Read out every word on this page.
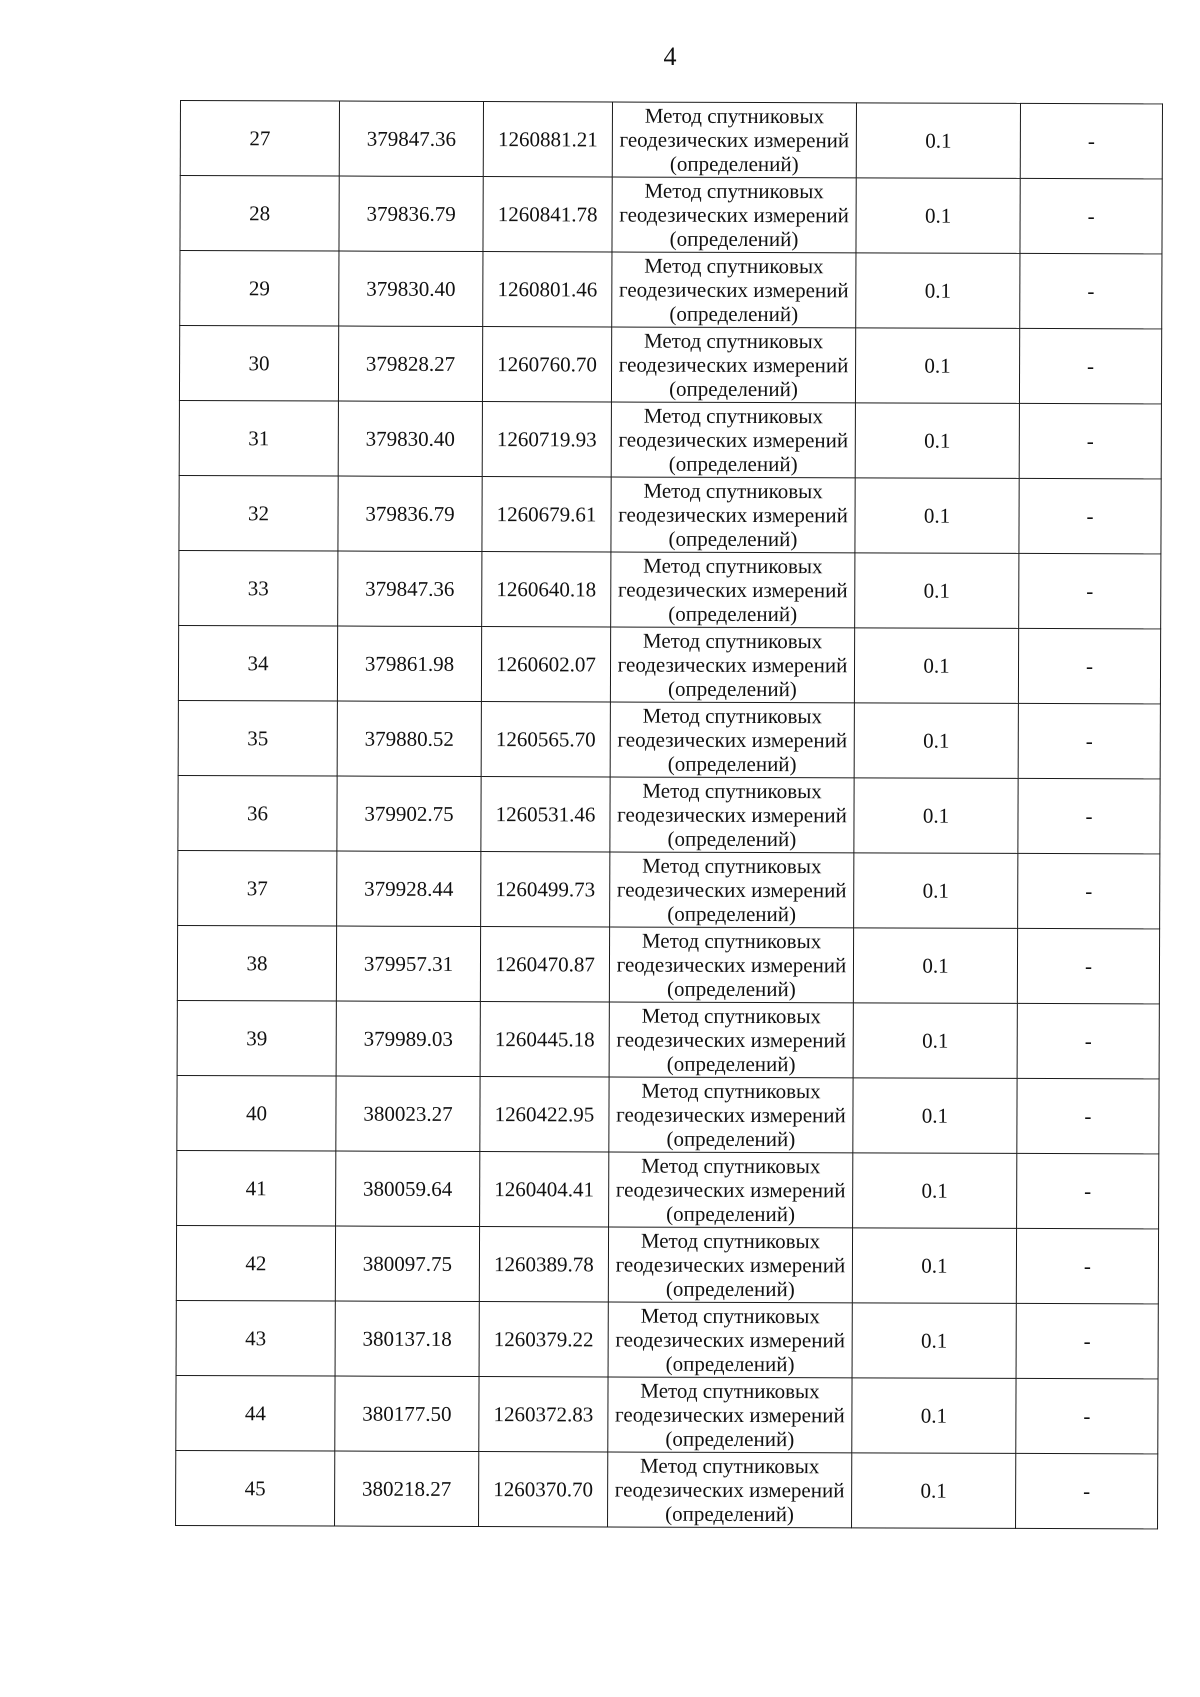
4
27	379847.36	1260881.21	Метод спутниковых
геодезических измерений
(определений)	0.1	-
28	379836.79	1260841.78	Метод спутниковых
геодезических измерений
(определений)	0.1	-
29	379830.40	1260801.46	Метод спутниковых
геодезических измерений
(определений)	0.1	-
30	379828.27	1260760.70	Метод спутниковых
геодезических измерений
(определений)	0.1	-
31	379830.40	1260719.93	Метод спутниковых
геодезических измерений
(определений)	0.1	-
32	379836.79	1260679.61	Метод спутниковых
геодезических измерений
(определений)	0.1	-
33	379847.36	1260640.18	Метод спутниковых
геодезических измерений
(определений)	0.1	-
34	379861.98	1260602.07	Метод спутниковых
геодезических измерений
(определений)	0.1	-
35	379880.52	1260565.70	Метод спутниковых
геодезических измерений
(определений)	0.1	-
36	379902.75	1260531.46	Метод спутниковых
геодезических измерений
(определений)	0.1	-
37	379928.44	1260499.73	Метод спутниковых
геодезических измерений
(определений)	0.1	-
38	379957.31	1260470.87	Метод спутниковых
геодезических измерений
(определений)	0.1	-
39	379989.03	1260445.18	Метод спутниковых
геодезических измерений
(определений)	0.1	-
40	380023.27	1260422.95	Метод спутниковых
геодезических измерений
(определений)	0.1	-
41	380059.64	1260404.41	Метод спутниковых
геодезических измерений
(определений)	0.1	-
42	380097.75	1260389.78	Метод спутниковых
геодезических измерений
(определений)	0.1	-
43	380137.18	1260379.22	Метод спутниковых
геодезических измерений
(определений)	0.1	-
44	380177.50	1260372.83	Метод спутниковых
геодезических измерений
(определений)	0.1	-
45	380218.27	1260370.70	Метод спутниковых
геодезических измерений
(определений)	0.1	-
